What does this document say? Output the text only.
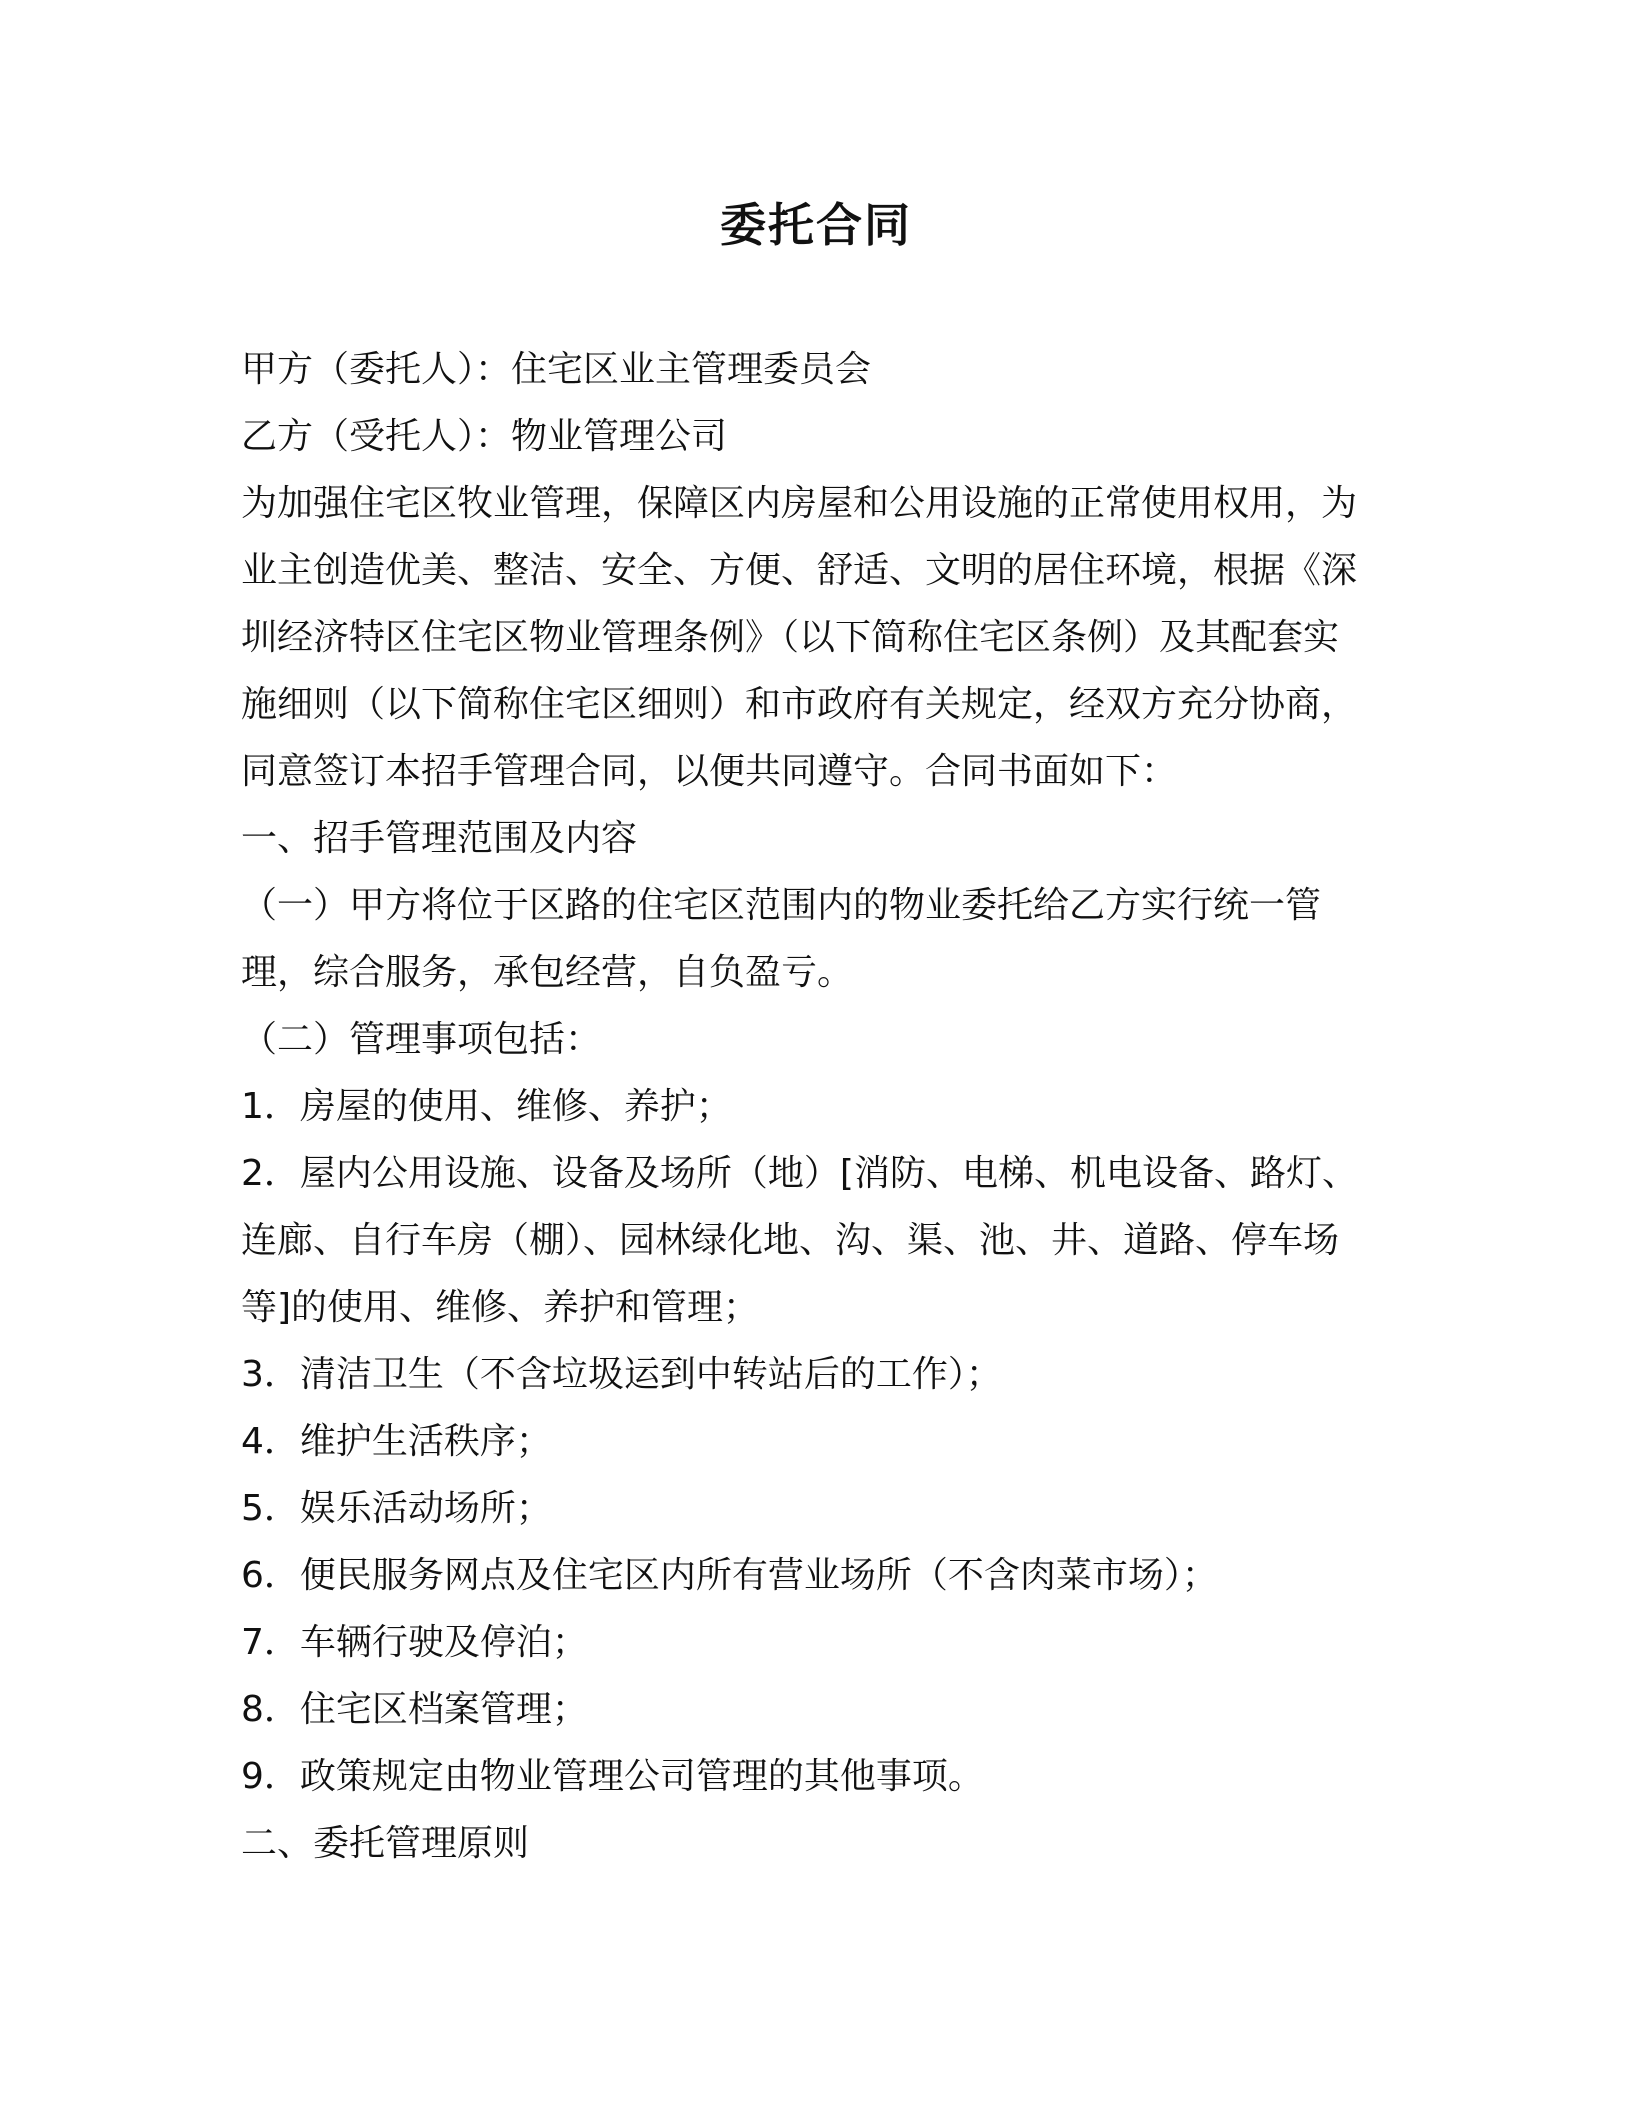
委托合同
甲方（委托人）：住宅区业主管理委员会
乙方（受托人）：物业管理公司
为加强住宅区牧业管理，保障区内房屋和公用设施的正常使用权用，为
业主创造优美、整洁、安全、方便、舒适、文明的居住环境，根据《深
圳经济特区住宅区物业管理条例》（以下简称住宅区条例）及其配套实
施细则（以下简称住宅区细则）和市政府有关规定，经双方充分协商，
同意签订本招手管理合同，以便共同遵守。合同书面如下：
一、招手管理范围及内容
（一）甲方将位于区路的住宅区范围内的物业委托给乙方实行统一管
理，综合服务，承包经营，自负盈亏。
（二）管理事项包括：
1．房屋的使用、维修、养护；
2．屋内公用设施、设备及场所（地）[消防、电梯、机电设备、路灯、
连廊、自行车房（棚）、园林绿化地、沟、渠、池、井、道路、停车场
等]的使用、维修、养护和管理；
3．清洁卫生（不含垃圾运到中转站后的工作）；
4．维护生活秩序；
5．娱乐活动场所；
6．便民服务网点及住宅区内所有营业场所（不含肉菜市场）；
7．车辆行驶及停泊；
8．住宅区档案管理；
9．政策规定由物业管理公司管理的其他事项。
二、委托管理原则
